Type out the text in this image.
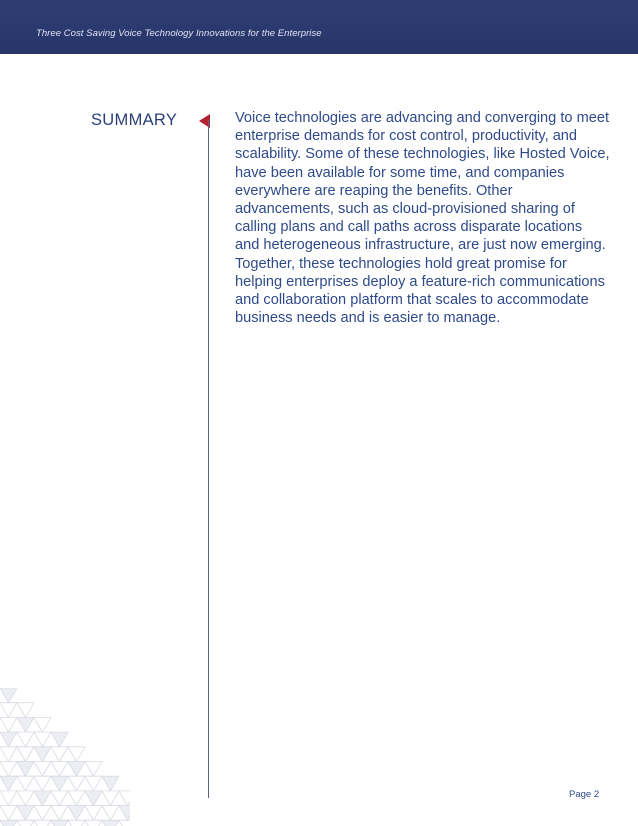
Three Cost Saving Voice Technology Innovations for the Enterprise
SUMMARY	Voice technologies are advancing and converging to meet enterprise demands for cost control, productivity, and scalability. Some of these technologies, like Hosted Voice, have been available for some time, and companies everywhere are reaping the benefits. Other advancements, such as cloud-provisioned sharing of calling plans and call paths across disparate locations and heterogeneous infrastructure, are just now emerging. Together, these technologies hold great promise for helping enterprises deploy a feature-rich communications and collaboration platform that scales to accommodate business needs and is easier to manage.

Page 2
